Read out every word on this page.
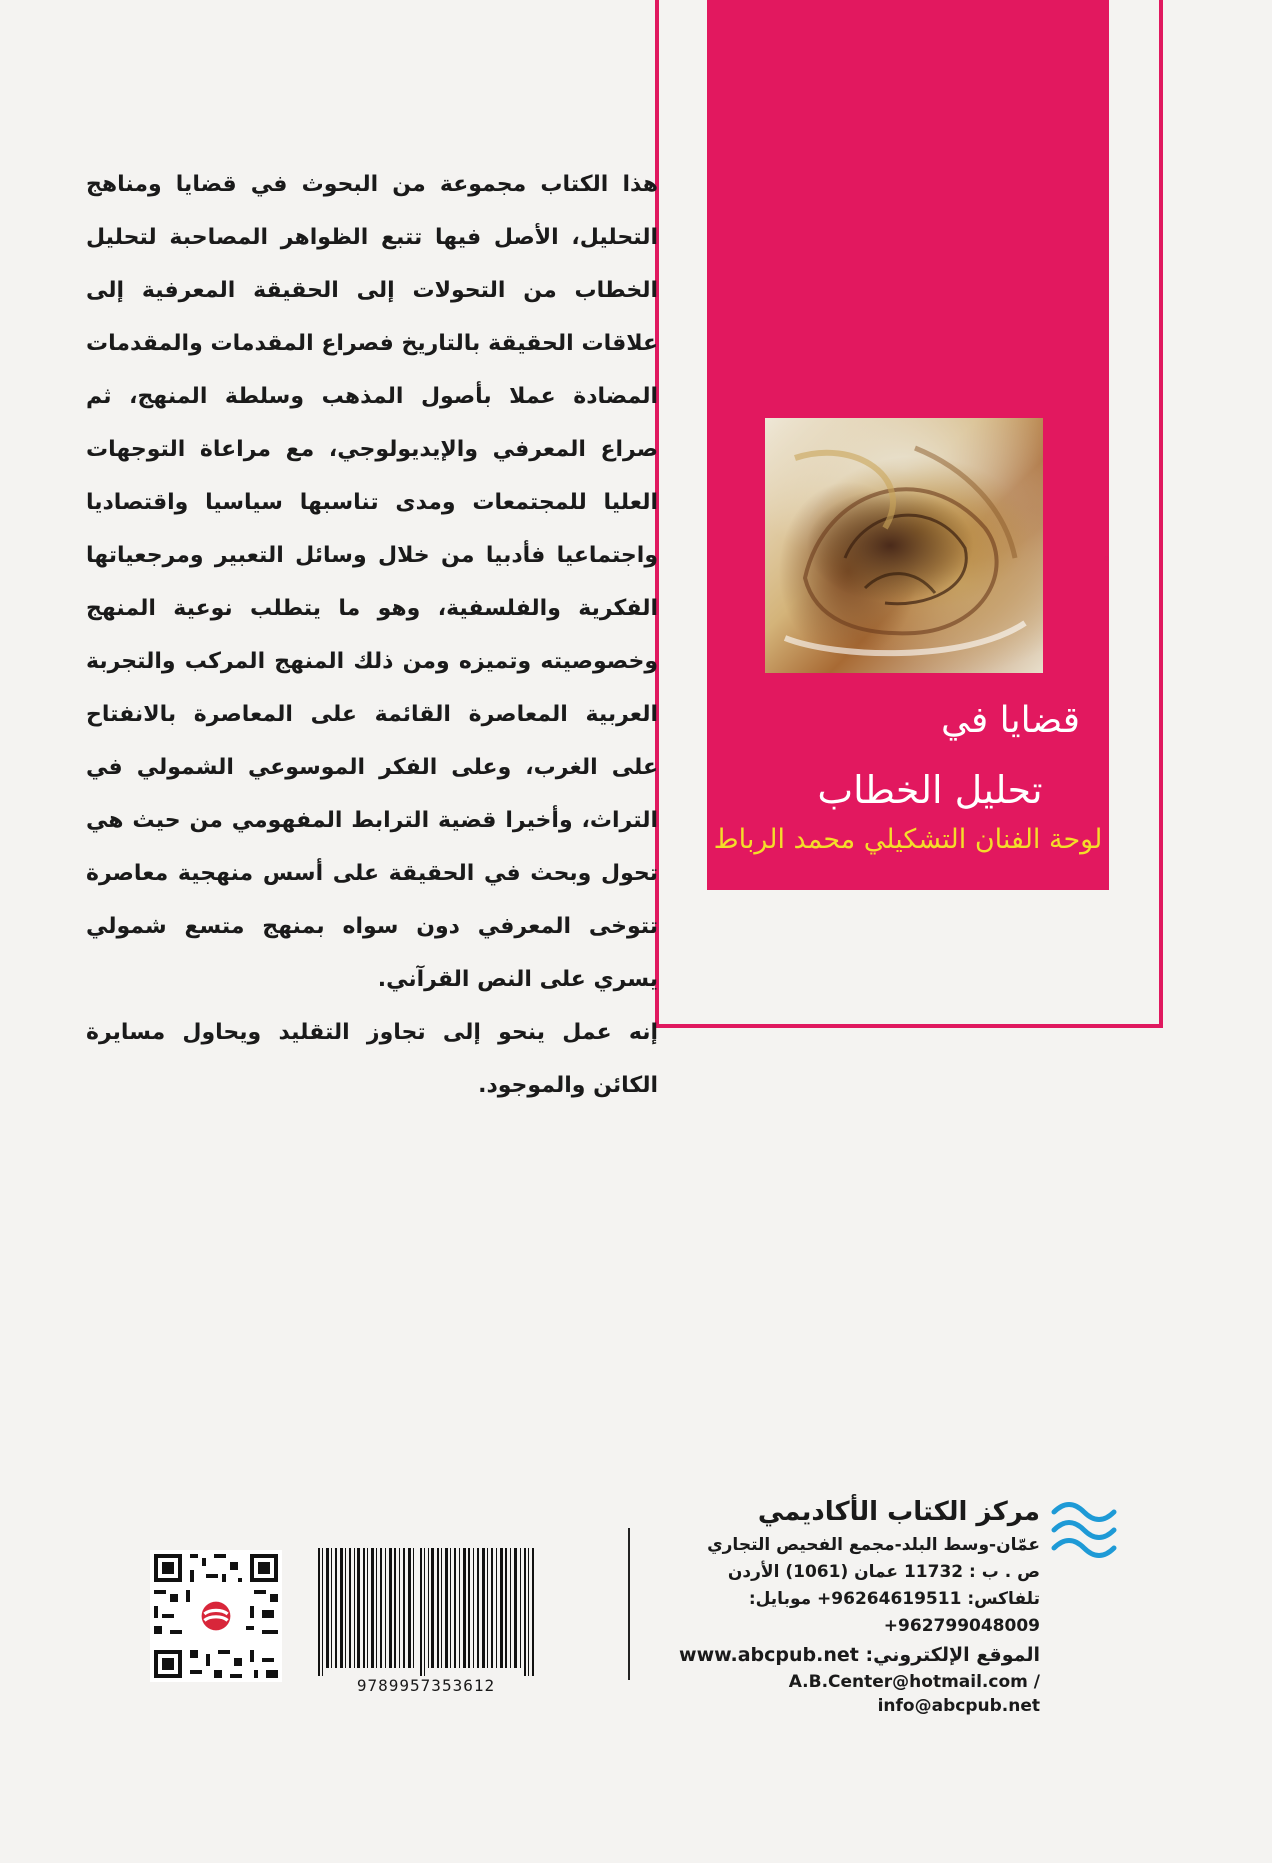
قضايا في
تحليل الخطاب
لوحة الفنان التشكيلي محمد الرباط

هذا الكتاب مجموعة من البحوث في قضايا ومناهج التحليل، الأصل فيها تتبع الظواهر المصاحبة لتحليل الخطاب من التحولات إلى الحقيقة المعرفية إلى علاقات الحقيقة بالتاريخ فصراع المقدمات والمقدمات المضادة عملا بأصول المذهب وسلطة المنهج، ثم صراع المعرفي والإيديولوجي، مع مراعاة التوجهات العليا للمجتمعات ومدى تناسبها سياسيا واقتصاديا واجتماعيا فأدبيا من خلال وسائل التعبير ومرجعياتها الفكرية والفلسفية، وهو ما يتطلب نوعية المنهج وخصوصيته وتميزه ومن ذلك المنهج المركب والتجربة العربية المعاصرة القائمة على المعاصرة بالانفتاح على الغرب، وعلى الفكر الموسوعي الشمولي في التراث، وأخيرا قضية الترابط المفهومي من حيث هي تحول وبحث في الحقيقة على أسس منهجية معاصرة تتوخى المعرفي دون سواه بمنهج متسع شمولي يسري على النص القرآني.

إنه عمل ينحو إلى تجاوز التقليد ويحاول مسايرة الكائن والموجود.

مركز الكتاب الأكاديمي
عمّان-وسط البلد-مجمع الفحيص التجاري
ص . ب : 11732 عمان (1061) الأردن
تلفاكس: 96264619511+ موبايل: 962799048009+
الموقع الإلكتروني: www.abcpub.net
A.B.Center@hotmail.com / info@abcpub.net
9789957353612
